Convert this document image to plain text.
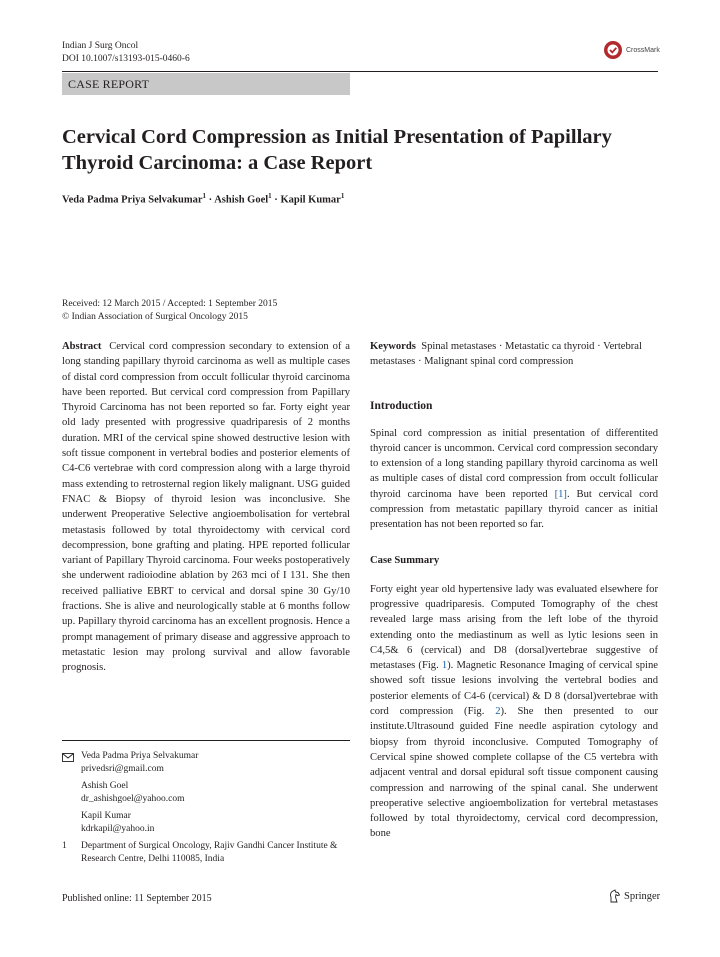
Indian J Surg Oncol
DOI 10.1007/s13193-015-0460-6
CrossMark
CASE REPORT
Cervical Cord Compression as Initial Presentation of Papillary
Thyroid Carcinoma: a Case Report
Veda Padma Priya Selvakumar$^1$ · Ashish Goel$^1$ · Kapil Kumar$^1$
Received: 12 March 2015 / Accepted: 1 September 2015
© Indian Association of Surgical Oncology 2015
Abstract Cervical cord compression secondary to extension of a long standing papillary thyroid carcinoma as well as multiple cases of distal cord compression from occult follicular thyroid carcinoma have been reported. But cervical cord compression from Papillary Thyroid Carcinoma has not been reported so far. Forty eight year old lady presented with progressive quadriparesis of 2 months duration. MRI of the cervical spine showed destructive lesion with soft tissue component in vertebral bodies and posterior elements of C4-C6 vertebrae with cord compression along with a large thyroid mass extending to retrosternal region likely malignant. USG guided FNAC & Biopsy of thyroid lesion was inconclusive. She underwent Preoperative Selective angioembolisation for vertebral metastasis followed by total thyroidectomy with cervical cord decompression, bone grafting and plating. HPE reported follicular variant of Papillary Thyroid carcinoma. Four weeks postoperatively she underwent radioiodine ablation by 263 mci of I 131. She then received palliative EBRT to cervical and dorsal spine 30 Gy/10 fractions. She is alive and neurologically stable at 6 months follow up. Papillary thyroid carcinoma has an excellent prognosis. Hence a prompt management of primary disease and aggressive approach to metastatic lesion may prolong survival and allow favorable prognosis.
Keywords Spinal metastases · Metastatic ca thyroid · Vertebral metastases · Malignant spinal cord compression
Introduction
Spinal cord compression as initial presentation of differentited thyroid cancer is uncommon. Cervical cord compression secondary to extension of a long standing papillary thyroid carcinoma as well as multiple cases of distal cord compression from occult follicular thyroid carcinoma have been reported [1]. But cervical cord compression from metastatic papillary thyroid cancer as initial presentation has not been reported so far.
Case Summary
Forty eight year old hypertensive lady was evaluated elsewhere for progressive quadriparesis. Computed Tomography of the chest revealed large mass arising from the left lobe of the thyroid extending onto the mediastinum as well as lytic lesions seen in C4,5& 6 (cervical) and D8 (dorsal)vertebrae suggestive of metastases (Fig. 1). Magnetic Resonance Imaging of cervical spine showed soft tissue lesions involving the vertebral bodies and posterior elements of C4-6 (cervical) & D 8 (dorsal)vertebrae with cord compression (Fig. 2). She then presented to our institute.Ultrasound guided Fine needle aspiration cytology and biopsy from thyroid inconclusive. Computed Tomography of Cervical spine showed complete collapse of the C5 vertebra with adjacent ventral and dorsal epidural soft tissue component causing compression and narrowing of the spinal canal. She underwent preoperative selective angioembolization for vertebral metastases followed by total thyroidectomy, cervical cord decompression, bone
Veda Padma Priya Selvakumar
privedsri@gmail.com
Ashish Goel
dr_ashishgoel@yahoo.com
Kapil Kumar
kdrkapil@yahoo.in
1	Department of Surgical Oncology, Rajiv Gandhi Cancer Institute & Research Centre, Delhi 110085, India
Published online: 11 September 2015	Springer
